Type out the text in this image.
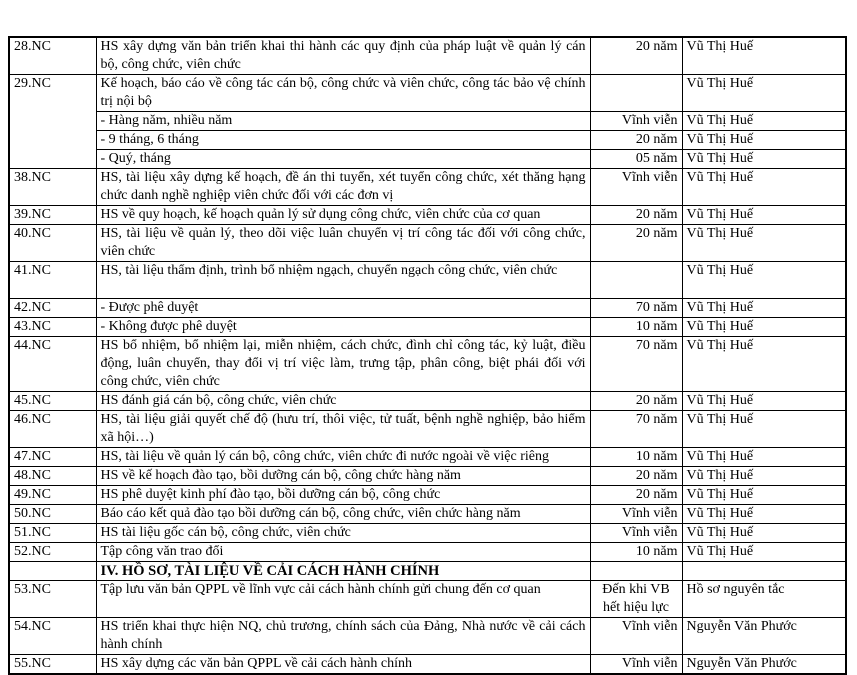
28.NC	HS xây dựng văn bản triển khai thi hành các quy định của pháp luật về quản lý cán bộ, công chức, viên chức	20 năm	Vũ Thị Huế
29.NC	Kế hoạch, báo cáo về công tác cán bộ, công chức và viên chức, công tác bảo vệ chính trị nội bộ		Vũ Thị Huế
	- Hàng năm, nhiều năm	Vĩnh viễn	Vũ Thị Huế
	- 9 tháng, 6 tháng	20 năm	Vũ Thị Huế
	- Quý, tháng	05 năm	Vũ Thị Huế
38.NC	HS, tài liệu xây dựng kế hoạch, đề án thi tuyển, xét tuyển công chức, xét thăng hạng chức danh nghề nghiệp viên chức đối với các đơn vị	Vĩnh viễn	Vũ Thị Huế
39.NC	HS về quy hoạch, kế hoạch quản lý sử dụng công chức, viên chức của cơ quan	20 năm	Vũ Thị Huế
40.NC	HS, tài liệu về quản lý, theo dõi việc luân chuyển vị trí công tác đối với công chức, viên chức	20 năm	Vũ Thị Huế
41.NC	HS, tài liệu thẩm định, trình bổ nhiệm ngạch, chuyển ngạch công chức, viên chức		Vũ Thị Huế
42.NC	- Được phê duyệt	70 năm	Vũ Thị Huế
43.NC	- Không được phê duyệt	10 năm	Vũ Thị Huế
44.NC	HS bổ nhiệm, bổ nhiệm lại, miễn nhiệm, cách chức, đình chỉ công tác, kỷ luật, điều động, luân chuyển, thay đổi vị trí việc làm, trưng tập, phân công, biệt phái đối với công chức, viên chức	70 năm	Vũ Thị Huế
45.NC	HS đánh giá cán bộ, công chức, viên chức	20 năm	Vũ Thị Huế
46.NC	HS, tài liệu giải quyết chế độ (hưu trí, thôi việc, tử tuất, bệnh nghề nghiệp, bảo hiểm xã hội…)	70 năm	Vũ Thị Huế
47.NC	HS, tài liệu về quản lý cán bộ, công chức, viên chức đi nước ngoài về việc riêng	10 năm	Vũ Thị Huế
48.NC	HS về kế hoạch đào tạo, bồi dưỡng cán bộ, công chức hàng năm	20 năm	Vũ Thị Huế
49.NC	HS phê duyệt kinh phí đào tạo, bồi dưỡng cán bộ, công chức	20 năm	Vũ Thị Huế
50.NC	Báo cáo kết quả đào tạo bồi dưỡng cán bộ, công chức, viên chức hàng năm	Vĩnh viễn	Vũ Thị Huế
51.NC	HS tài liệu gốc cán bộ, công chức, viên chức	Vĩnh viễn	Vũ Thị Huế
52.NC	Tập công văn trao đổi	10 năm	Vũ Thị Huế
	IV. HỒ SƠ, TÀI LIỆU VỀ CẢI CÁCH HÀNH CHÍNH		
53.NC	Tập lưu văn bản QPPL về lĩnh vực cải cách hành chính gửi chung đến cơ quan	Đến khi VB hết hiệu lực	Hồ sơ nguyên tắc
54.NC	HS triển khai thực hiện NQ, chủ trương, chính sách của Đảng, Nhà nước về cải cách hành chính	Vĩnh viễn	Nguyễn Văn Phước
55.NC	HS xây dựng các văn bản QPPL về cải cách hành chính	Vĩnh viễn	Nguyễn Văn Phước
